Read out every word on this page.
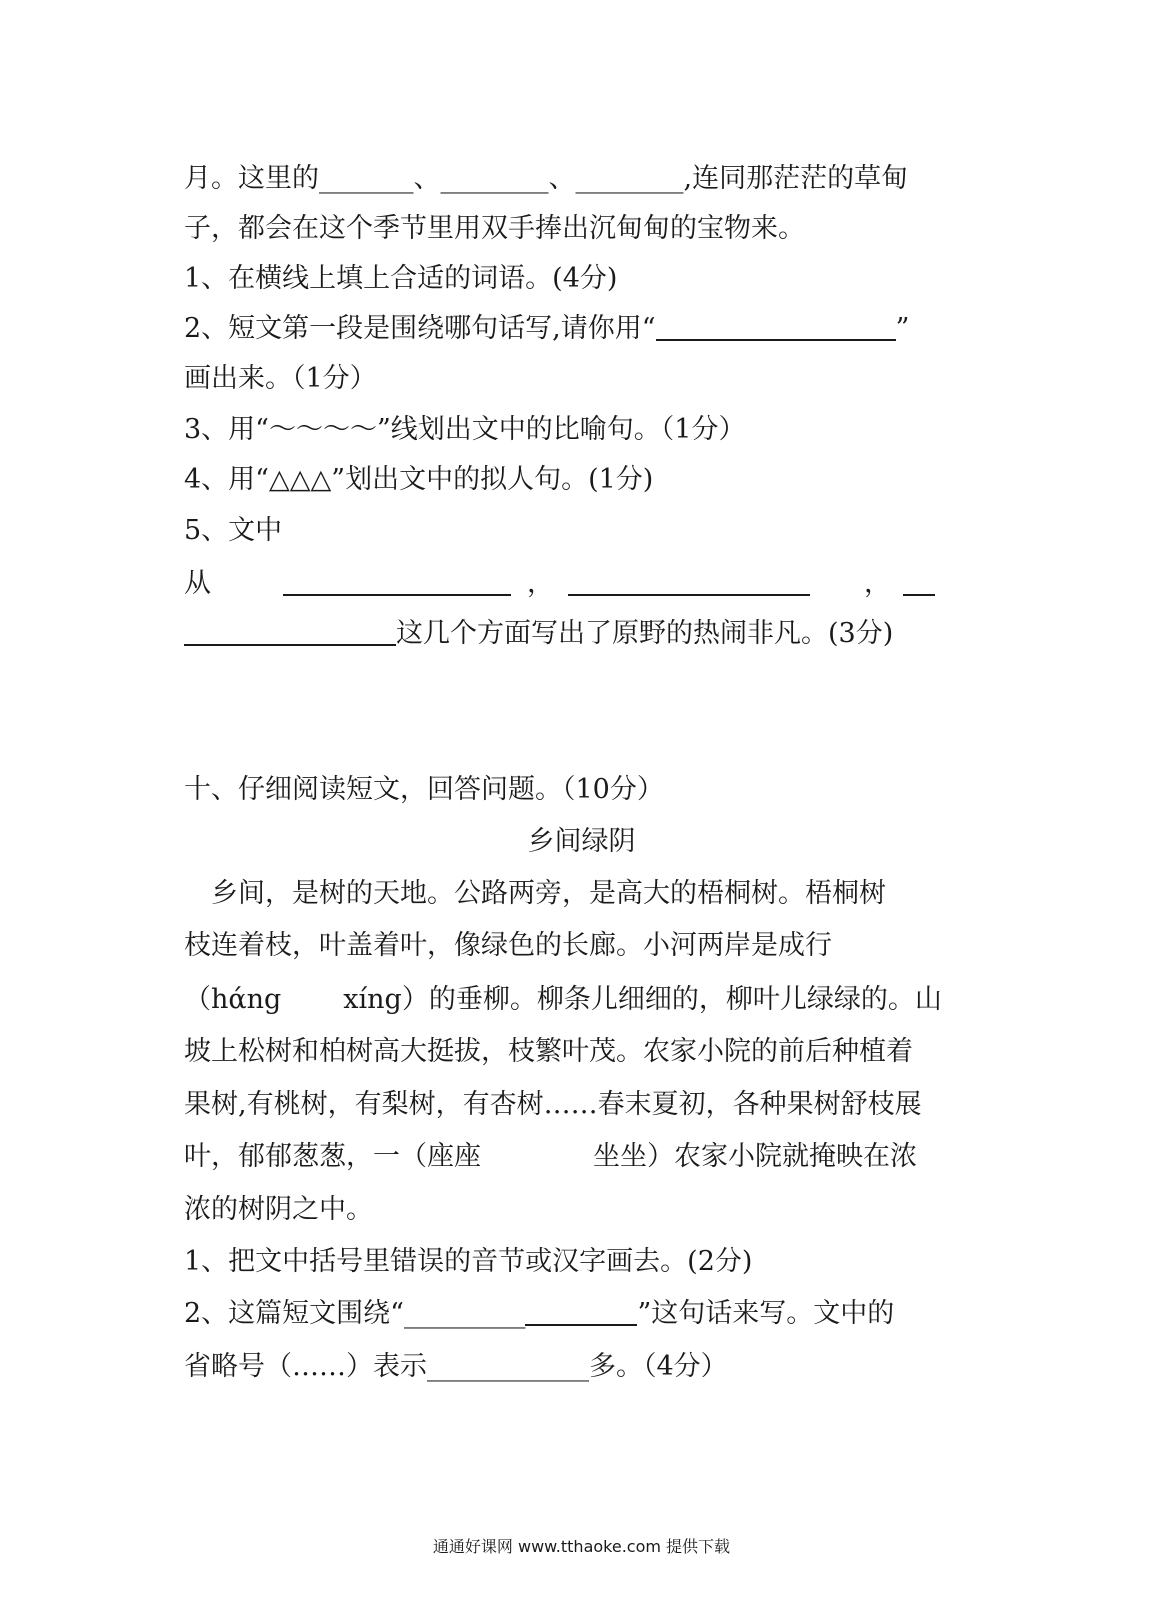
月。这里的_______、________、________,连同那茫茫的草甸
子，都会在这个季节里用双手捧出沉甸甸的宝物来。
1、在横线上填上合适的词语。(4分)
2、短文第一段是围绕哪句话写,请你用“	”
画出来。（1分）
3、用“～～～～”线划出文中的比喻句。（1分）
4、用“△△△”划出文中的拟人句。(1分)
5、文中
从	，	，
这几个方面写出了原野的热闹非凡。(3分)
十、仔细阅读短文，回答问题。（10分）
乡间绿阴
　乡间，是树的天地。公路两旁，是高大的梧桐树。梧桐树
枝连着枝，叶盖着叶，像绿色的长廊。小河两岸是成行
（hάng xíng）的垂柳。柳条儿细细的，柳叶儿绿绿的。山
坡上松树和柏树高大挺拔，枝繁叶茂。农家小院的前后种植着
果树,有桃树，有梨树，有杏树……春末夏初，各种果树舒枝展
叶，郁郁葱葱，一（座座	坐坐）农家小院就掩映在浓
浓的树阴之中。
1、把文中括号里错误的音节或汉字画去。(2分)
2、这篇短文围绕“_________	”这句话来写。文中的
省略号（……）表示____________多。（4分）
通通好课网 www.tthaoke.com 提供下载
